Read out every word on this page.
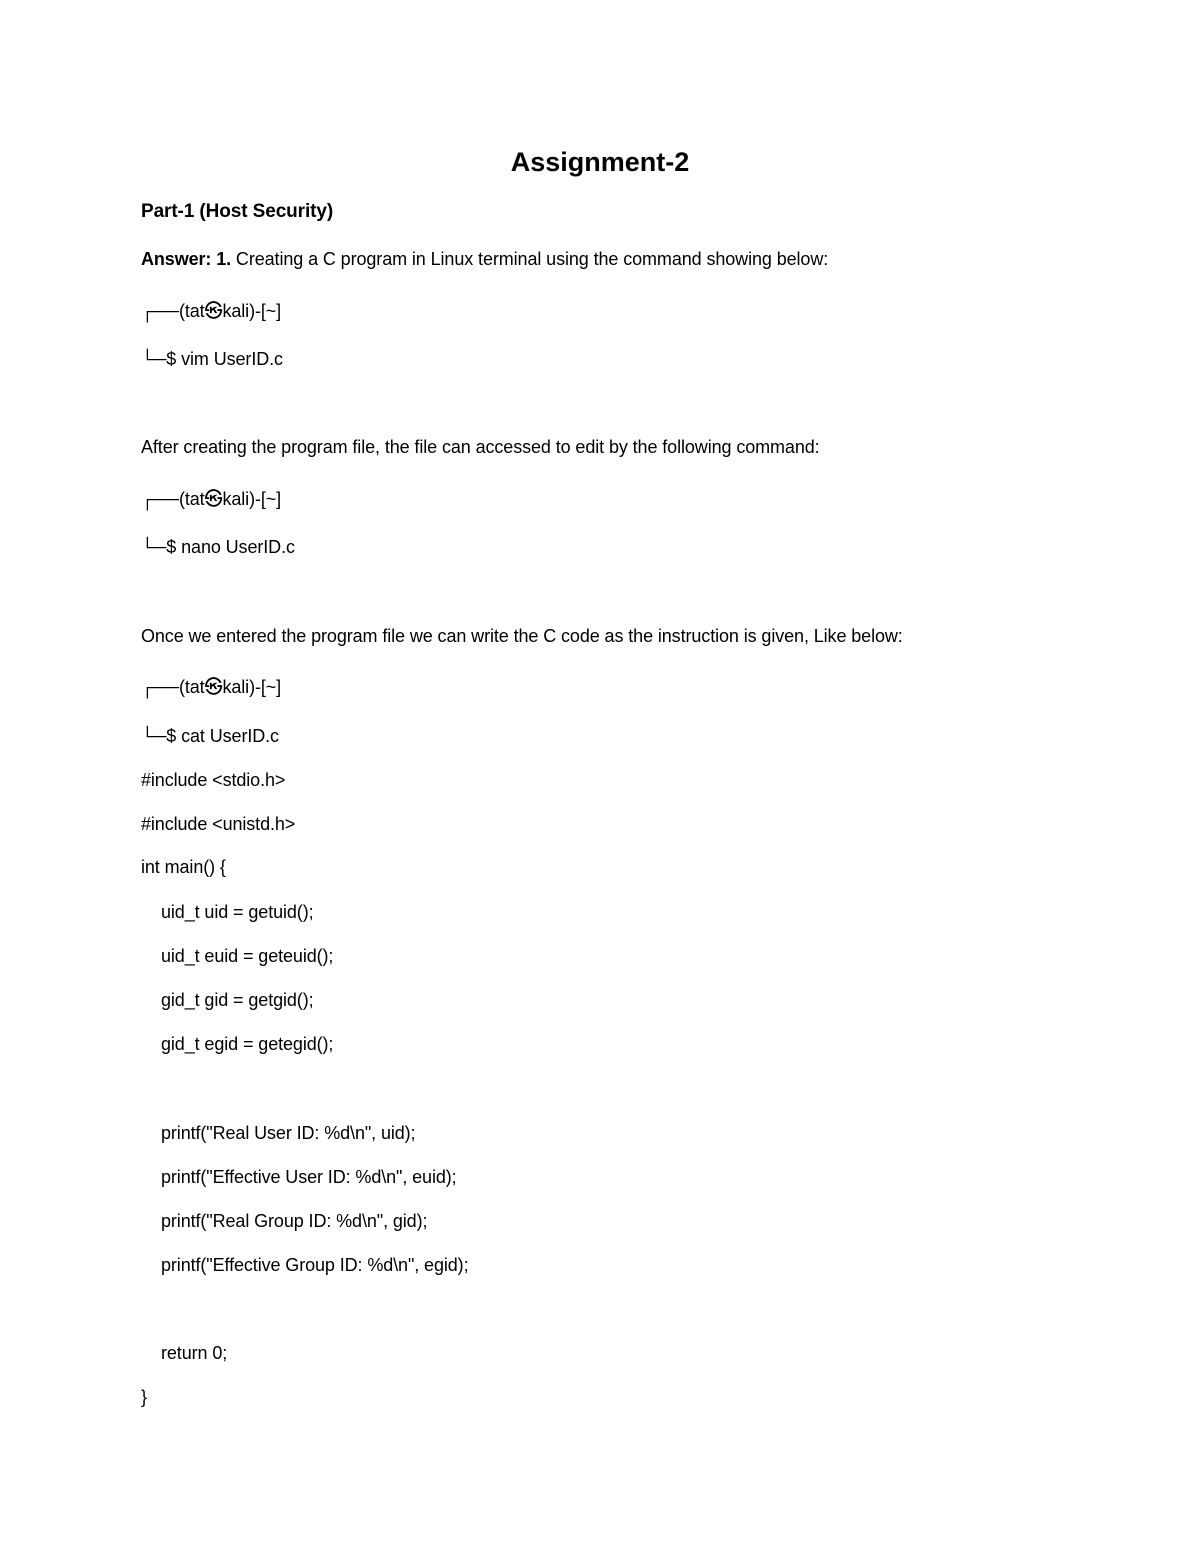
Assignment-2
Part-1 (Host Security)
Answer: 1. Creating a C program in Linux terminal using the command showing below:
┌──(tat㉿kali)-[~]
└─$ vim UserID.c
After creating the program file, the file can accessed to edit by the following command:
┌──(tat㉿kali)-[~]
└─$ nano UserID.c
Once we entered the program file we can write the C code as the instruction is given, Like below:
┌──(tat㉿kali)-[~]
└─$ cat UserID.c
#include <stdio.h>
#include <unistd.h>
int main() {
uid_t uid = getuid();
uid_t euid = geteuid();
gid_t gid = getgid();
gid_t egid = getegid();
printf("Real User ID: %d\n", uid);
printf("Effective User ID: %d\n", euid);
printf("Real Group ID: %d\n", gid);
printf("Effective Group ID: %d\n", egid);
return 0;
}
